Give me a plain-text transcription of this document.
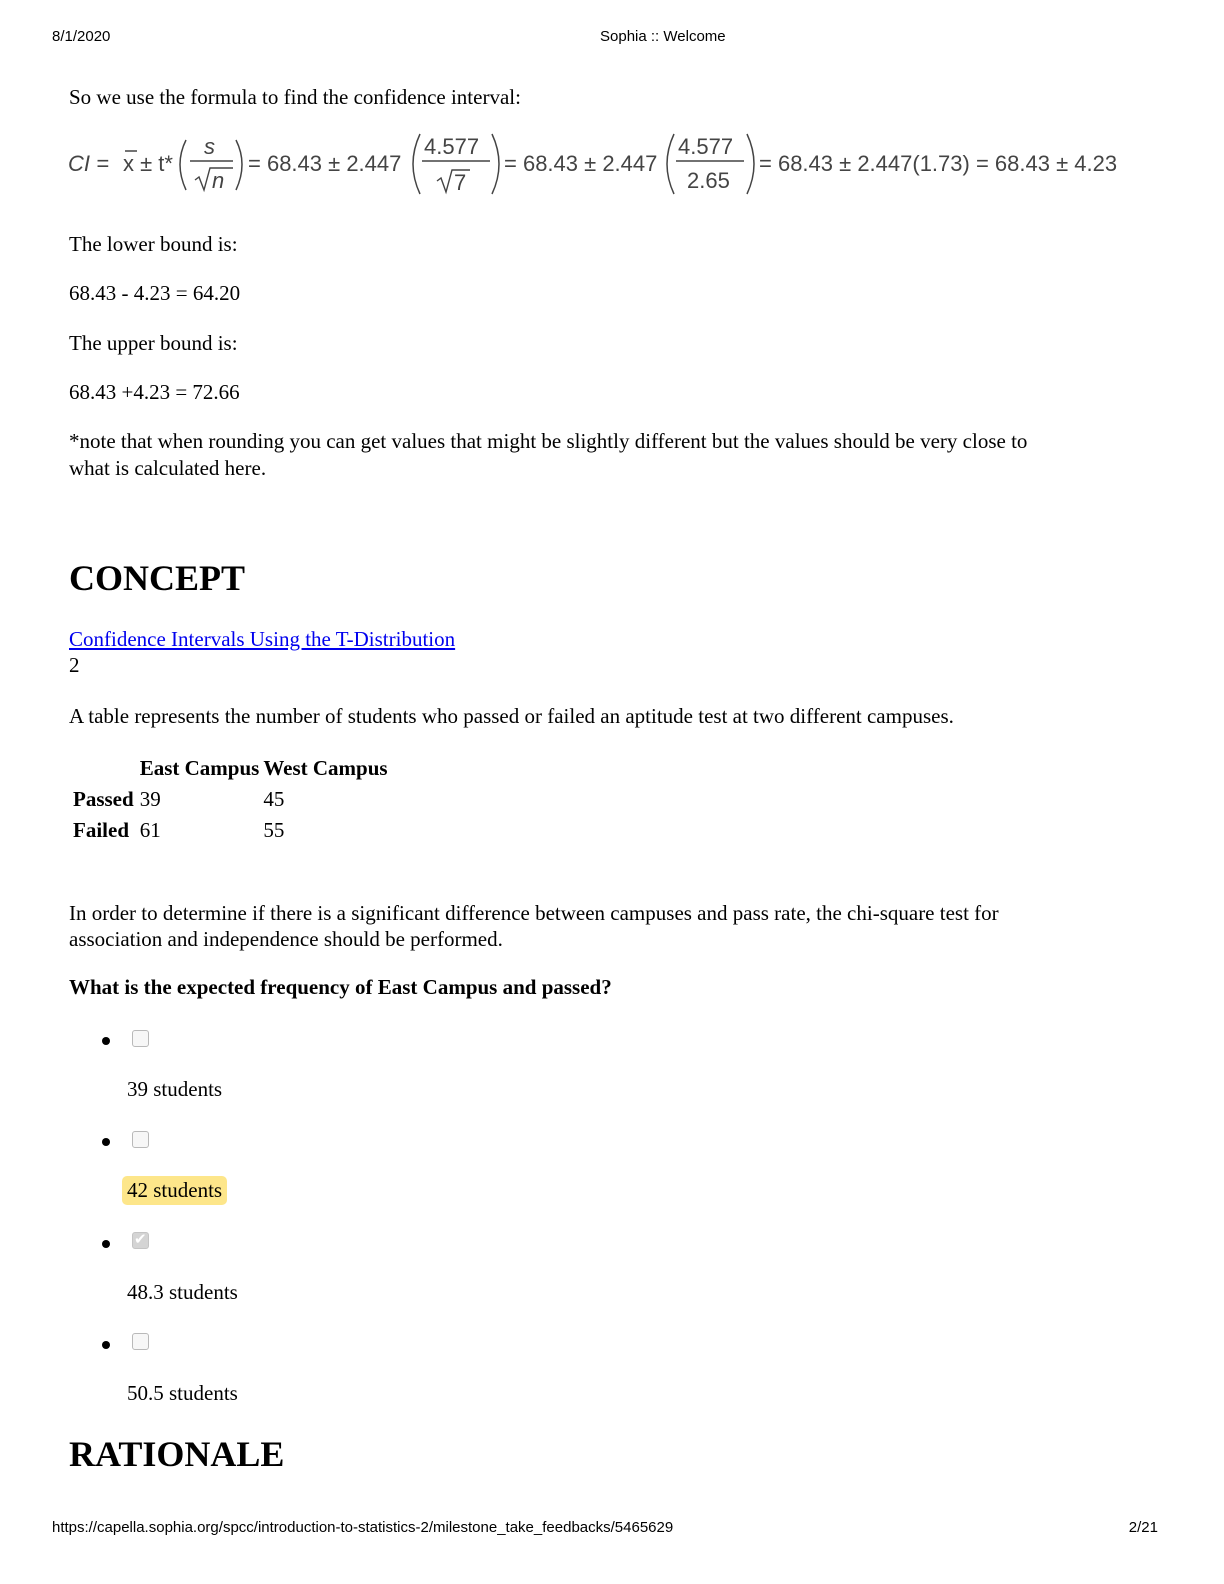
8/1/2020	Sophia :: Welcome

So we use the formula to find the confidence interval:

CI = x ± t*
s
n
= 68.43 ± 2.447
4.577
7
= 68.43 ± 2.447
4.577
2.65
= 68.43 ± 2.447(1.73) = 68.43 ± 4.23

The lower bound is:

68.43 - 4.23 = 64.20

The upper bound is:

68.43 +4.23 = 72.66

*note that when rounding you can get values that might be slightly different but the values should be very close to

what is calculated here.

CONCEPT
Confidence Intervals Using the T-Distribution
2

A table represents the number of students who passed or failed an aptitude test at two different campuses.

	East Campus	West Campus
Passed	39	45
Failed	61	55

In order to determine if there is a significant difference between campuses and pass rate, the chi-square test for

association and independence should be performed.

What is the expected frequency of East Campus and passed?
39 students
42 students
✔
48.3 students
50.5 students
RATIONALE
https://capella.sophia.org/spcc/introduction-to-statistics-2/milestone_take_feedbacks/5465629	2/21
